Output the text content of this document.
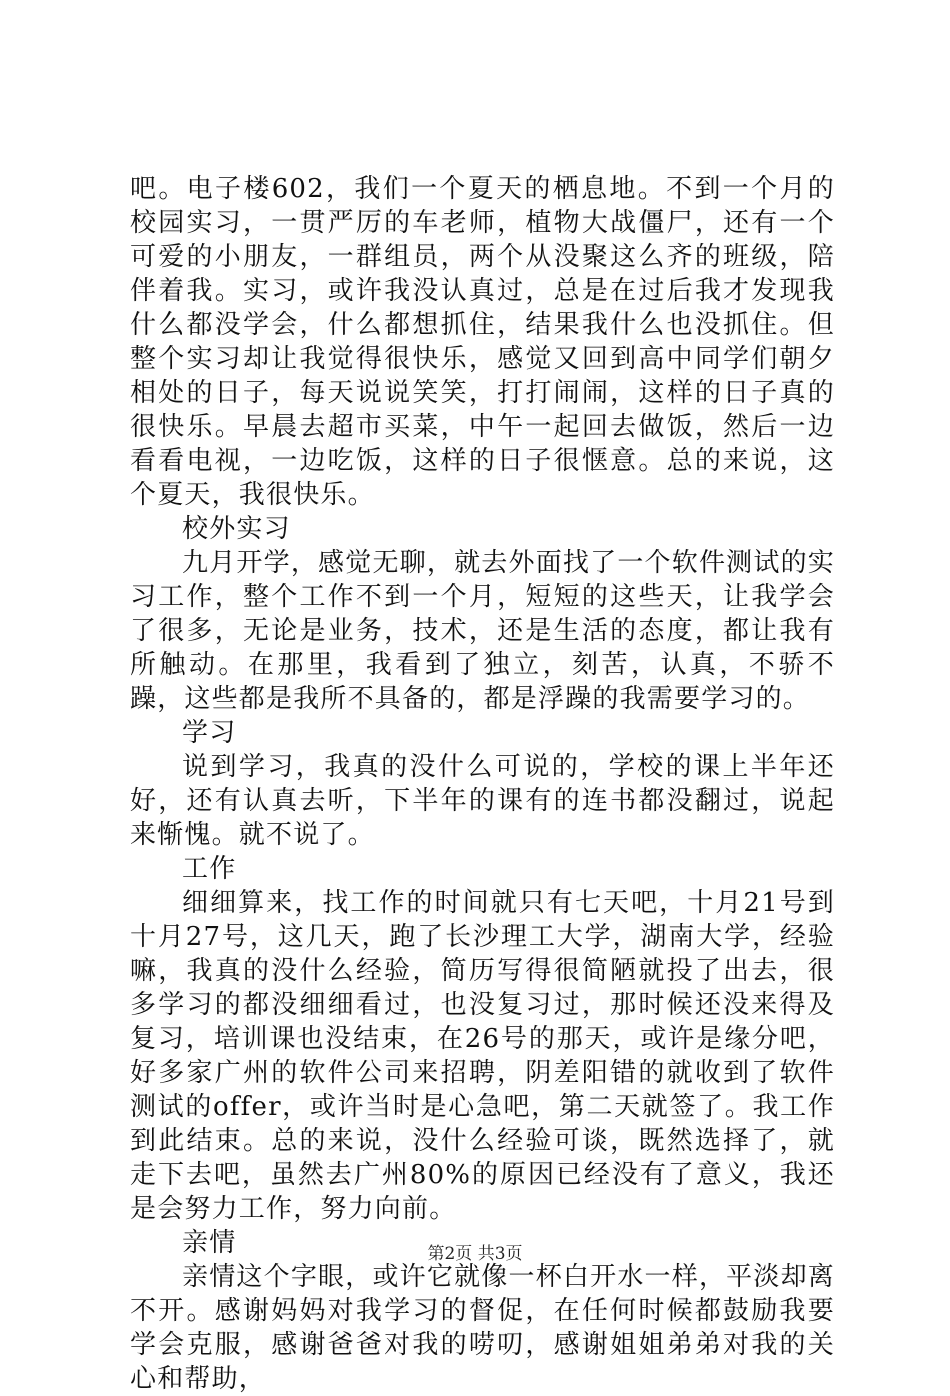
吧。电子楼602，我们一个夏天的栖息地。不到一个月的校园实习，一贯严厉的车老师，植物大战僵尸，还有一个可爱的小朋友，一群组员，两个从没聚这么齐的班级，陪伴着我。实习，或许我没认真过，总是在过后我才发现我什么都没学会，什么都想抓住，结果我什么也没抓住。但整个实习却让我觉得很快乐，感觉又回到高中同学们朝夕相处的日子，每天说说笑笑，打打闹闹，这样的日子真的很快乐。早晨去超市买菜，中午一起回去做饭，然后一边看看电视，一边吃饭，这样的日子很惬意。总的来说，这个夏天，我很快乐。

校外实习

九月开学，感觉无聊，就去外面找了一个软件测试的实习工作，整个工作不到一个月，短短的这些天，让我学会了很多，无论是业务，技术，还是生活的态度，都让我有所触动。在那里，我看到了独立，刻苦，认真，不骄不躁，这些都是我所不具备的，都是浮躁的我需要学习的。

学习

说到学习，我真的没什么可说的，学校的课上半年还好，还有认真去听，下半年的课有的连书都没翻过，说起来惭愧。就不说了。

工作

细细算来，找工作的时间就只有七天吧，十月21号到十月27号，这几天，跑了长沙理工大学，湖南大学，经验嘛，我真的没什么经验，简历写得很简陋就投了出去，很多学习的都没细细看过，也没复习过，那时候还没来得及复习，培训课也没结束，在26号的那天，或许是缘分吧，好多家广州的软件公司来招聘，阴差阳错的就收到了软件测试的offer，或许当时是心急吧，第二天就签了。我工作到此结束。总的来说，没什么经验可谈，既然选择了，就走下去吧，虽然去广州80%的原因已经没有了意义，我还是会努力工作，努力向前。

亲情

亲情这个字眼，或许它就像一杯白开水一样，平淡却离不开。感谢妈妈对我学习的督促，在任何时候都鼓励我要学会克服，感谢爸爸对我的唠叨，感谢姐姐弟弟对我的关心和帮助，

第2页 共3页
